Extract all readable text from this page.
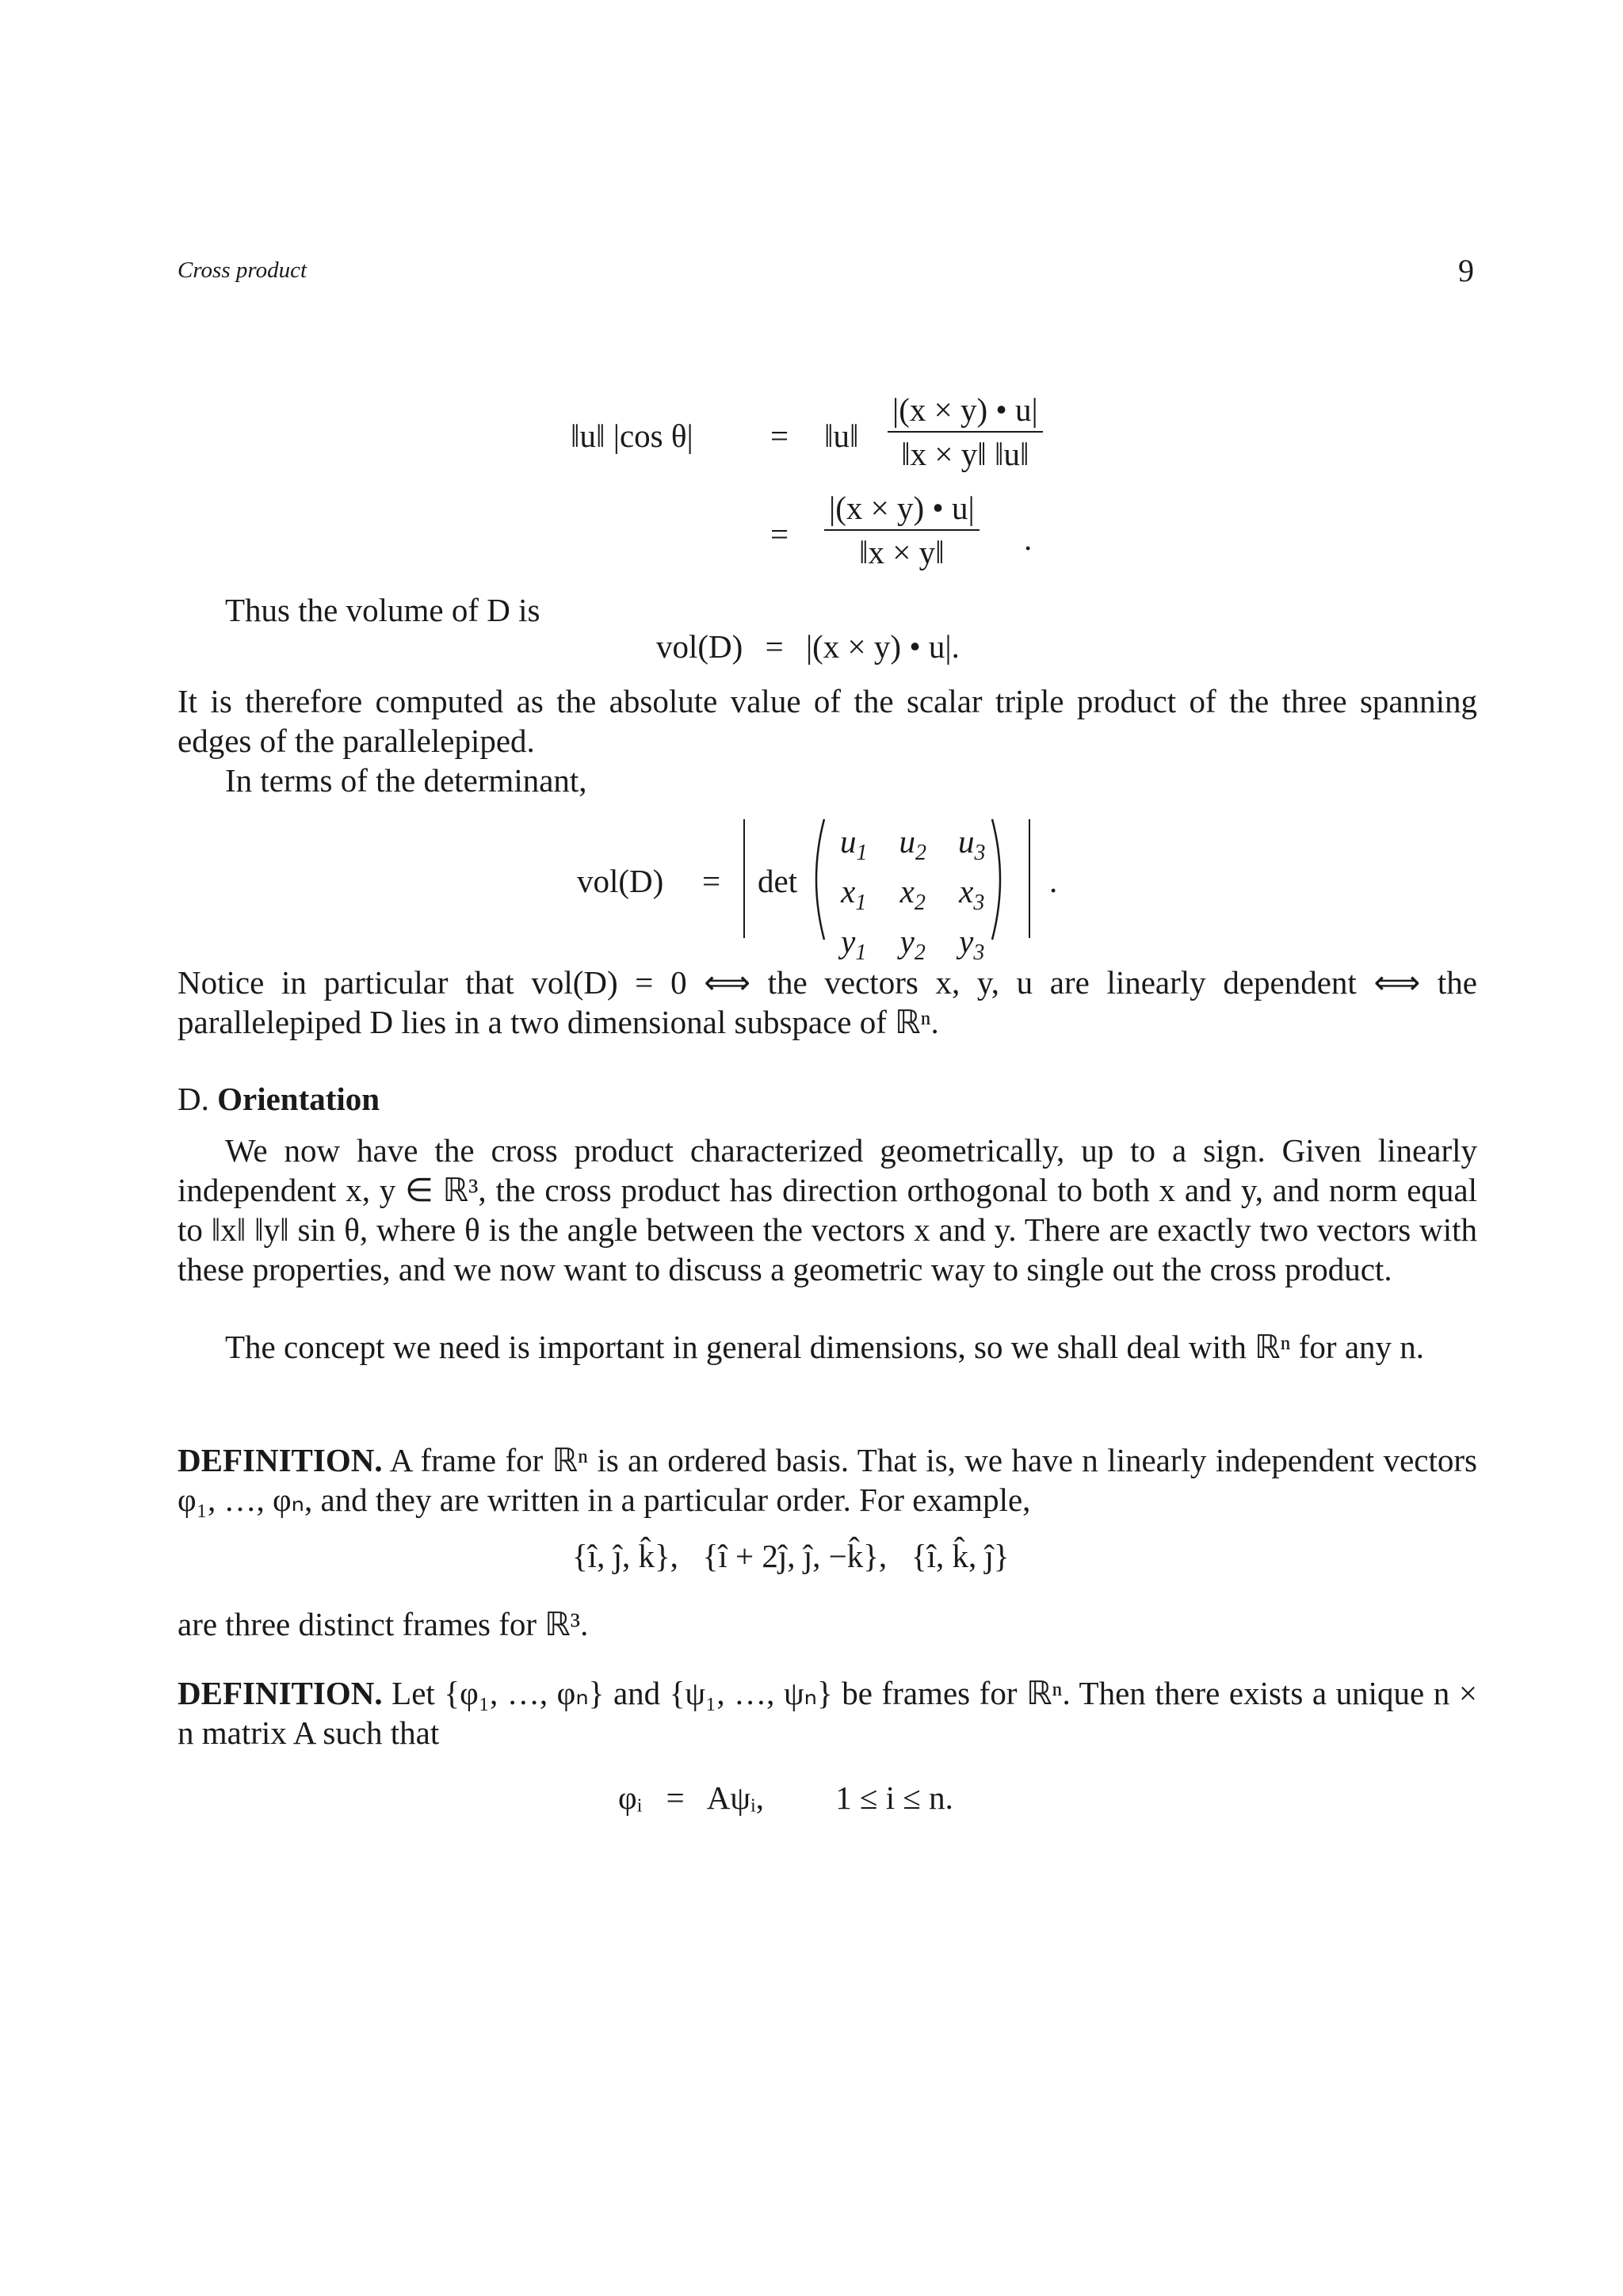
Cross product	9
‖u‖ |cos θ| = ‖u‖ $\frac{|(x \times y) • u|}{‖x \times y‖ ‖u‖}$
= $\frac{|(x \times y) • u|}{‖x \times y‖}$ .
Thus the volume of D is
vol(D) = |(x × y) • u|.
It is therefore computed as the absolute value of the scalar triple product of the three spanning edges of the parallelepiped.
In terms of the determinant,
vol(D) = det
$u_1$	$u_2$	$u_3$
$x_1$	$x_2$	$x_3$
$y_1$	$y_2$	$y_3$
.
Notice in particular that vol(D) = 0 ⟺ the vectors x, y, u are linearly dependent ⟺ the parallelepiped D lies in a two dimensional subspace of ℝⁿ.
D. Orientation
We now have the cross product characterized geometrically, up to a sign. Given linearly independent x, y ∈ ℝ³, the cross product has direction orthogonal to both x and y, and norm equal to ‖x‖ ‖y‖ sin θ, where θ is the angle between the vectors x and y. There are exactly two vectors with these properties, and we now want to discuss a geometric way to single out the cross product.
The concept we need is important in general dimensions, so we shall deal with ℝⁿ for any n.
DEFINITION. A frame for ℝⁿ is an ordered basis. That is, we have n linearly independent vectors φ₁, …, φₙ, and they are written in a particular order. For example,
{î, ĵ, k̂},   {î + 2ĵ, ĵ, −k̂},   {î, k̂, ĵ}
are three distinct frames for ℝ³.
DEFINITION. Let {φ₁, …, φₙ} and {ψ₁, …, ψₙ} be frames for ℝⁿ. Then there exists a unique n × n matrix A such that
φᵢ = Aψᵢ, 1 ≤ i ≤ n.
